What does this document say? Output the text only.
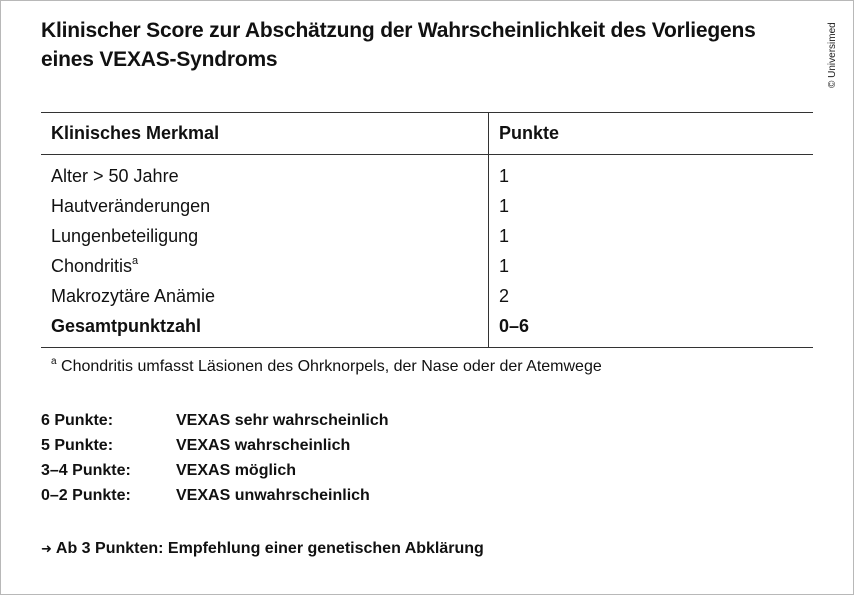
Klinischer Score zur Abschätzung der Wahrscheinlichkeit des Vorliegens eines VEXAS-Syndroms	© Universimed
Klinisches Merkmal	Punkte
Alter > 50 Jahre	1
Hautveränderungen	1
Lungenbeteiligung	1
Chondritis$^a$	1
Makrozytäre Anämie	2
Gesamtpunktzahl	0–6
$^a$ Chondritis umfasst Läsionen des Ohrknorpels, der Nase oder der Atemwege
6 Punkte:	VEXAS sehr wahrscheinlich
5 Punkte:	VEXAS wahrscheinlich
3–4 Punkte:	VEXAS möglich
0–2 Punkte:	VEXAS unwahrscheinlich
➜ Ab 3 Punkten: Empfehlung einer genetischen Abklärung
